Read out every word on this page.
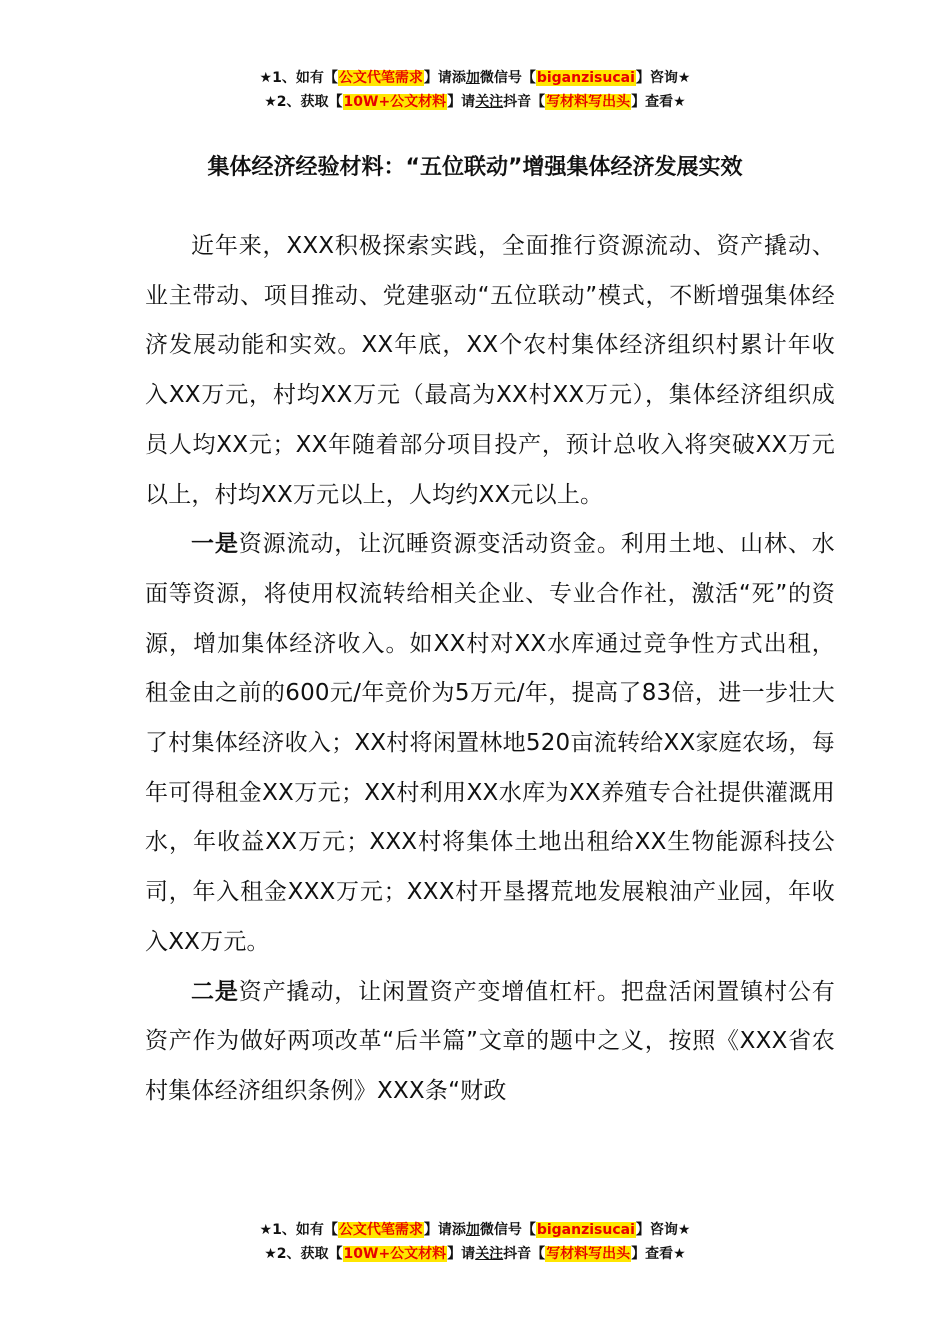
★1、如有【公文代笔需求】请添加微信号【biganzisucai】咨询★
★2、获取【10W+公文材料】请关注抖音【写材料写出头】查看★
集体经济经验材料：“五位联动”增强集体经济发展实效

近年来，XXX积极探索实践，全面推行资源流动、资产撬动、业主带动、项目推动、党建驱动“五位联动”模式，不断增强集体经济发展动能和实效。XX年底，XX个农村集体经济组织村累计年收入XX万元，村均XX万元（最高为XX村XX万元），集体经济组织成员人均XX元；XX年随着部分项目投产，预计总收入将突破XX万元以上，村均XX万元以上，人均约XX元以上。

一是资源流动，让沉睡资源变活动资金。利用土地、山林、水面等资源，将使用权流转给相关企业、专业合作社，激活“死”的资源，增加集体经济收入。如XX村对XX水库通过竞争性方式出租，租金由之前的600元/年竞价为5万元/年，提高了83倍，进一步壮大了村集体经济收入；XX村将闲置林地520亩流转给XX家庭农场，每年可得租金XX万元；XX村利用XX水库为XX养殖专合社提供灌溉用水，年收益XX万元；XXX村将集体土地出租给XX生物能源科技公司，年入租金XXX万元；XXX村开垦撂荒地发展粮油产业园，年收入XX万元。

二是资产撬动，让闲置资产变增值杠杆。把盘活闲置镇村公有资产作为做好两项改革“后半篇”文章的题中之义，按照《XXX省农村集体经济组织条例》XXX条“财政

★1、如有【公文代笔需求】请添加微信号【biganzisucai】咨询★
★2、获取【10W+公文材料】请关注抖音【写材料写出头】查看★
